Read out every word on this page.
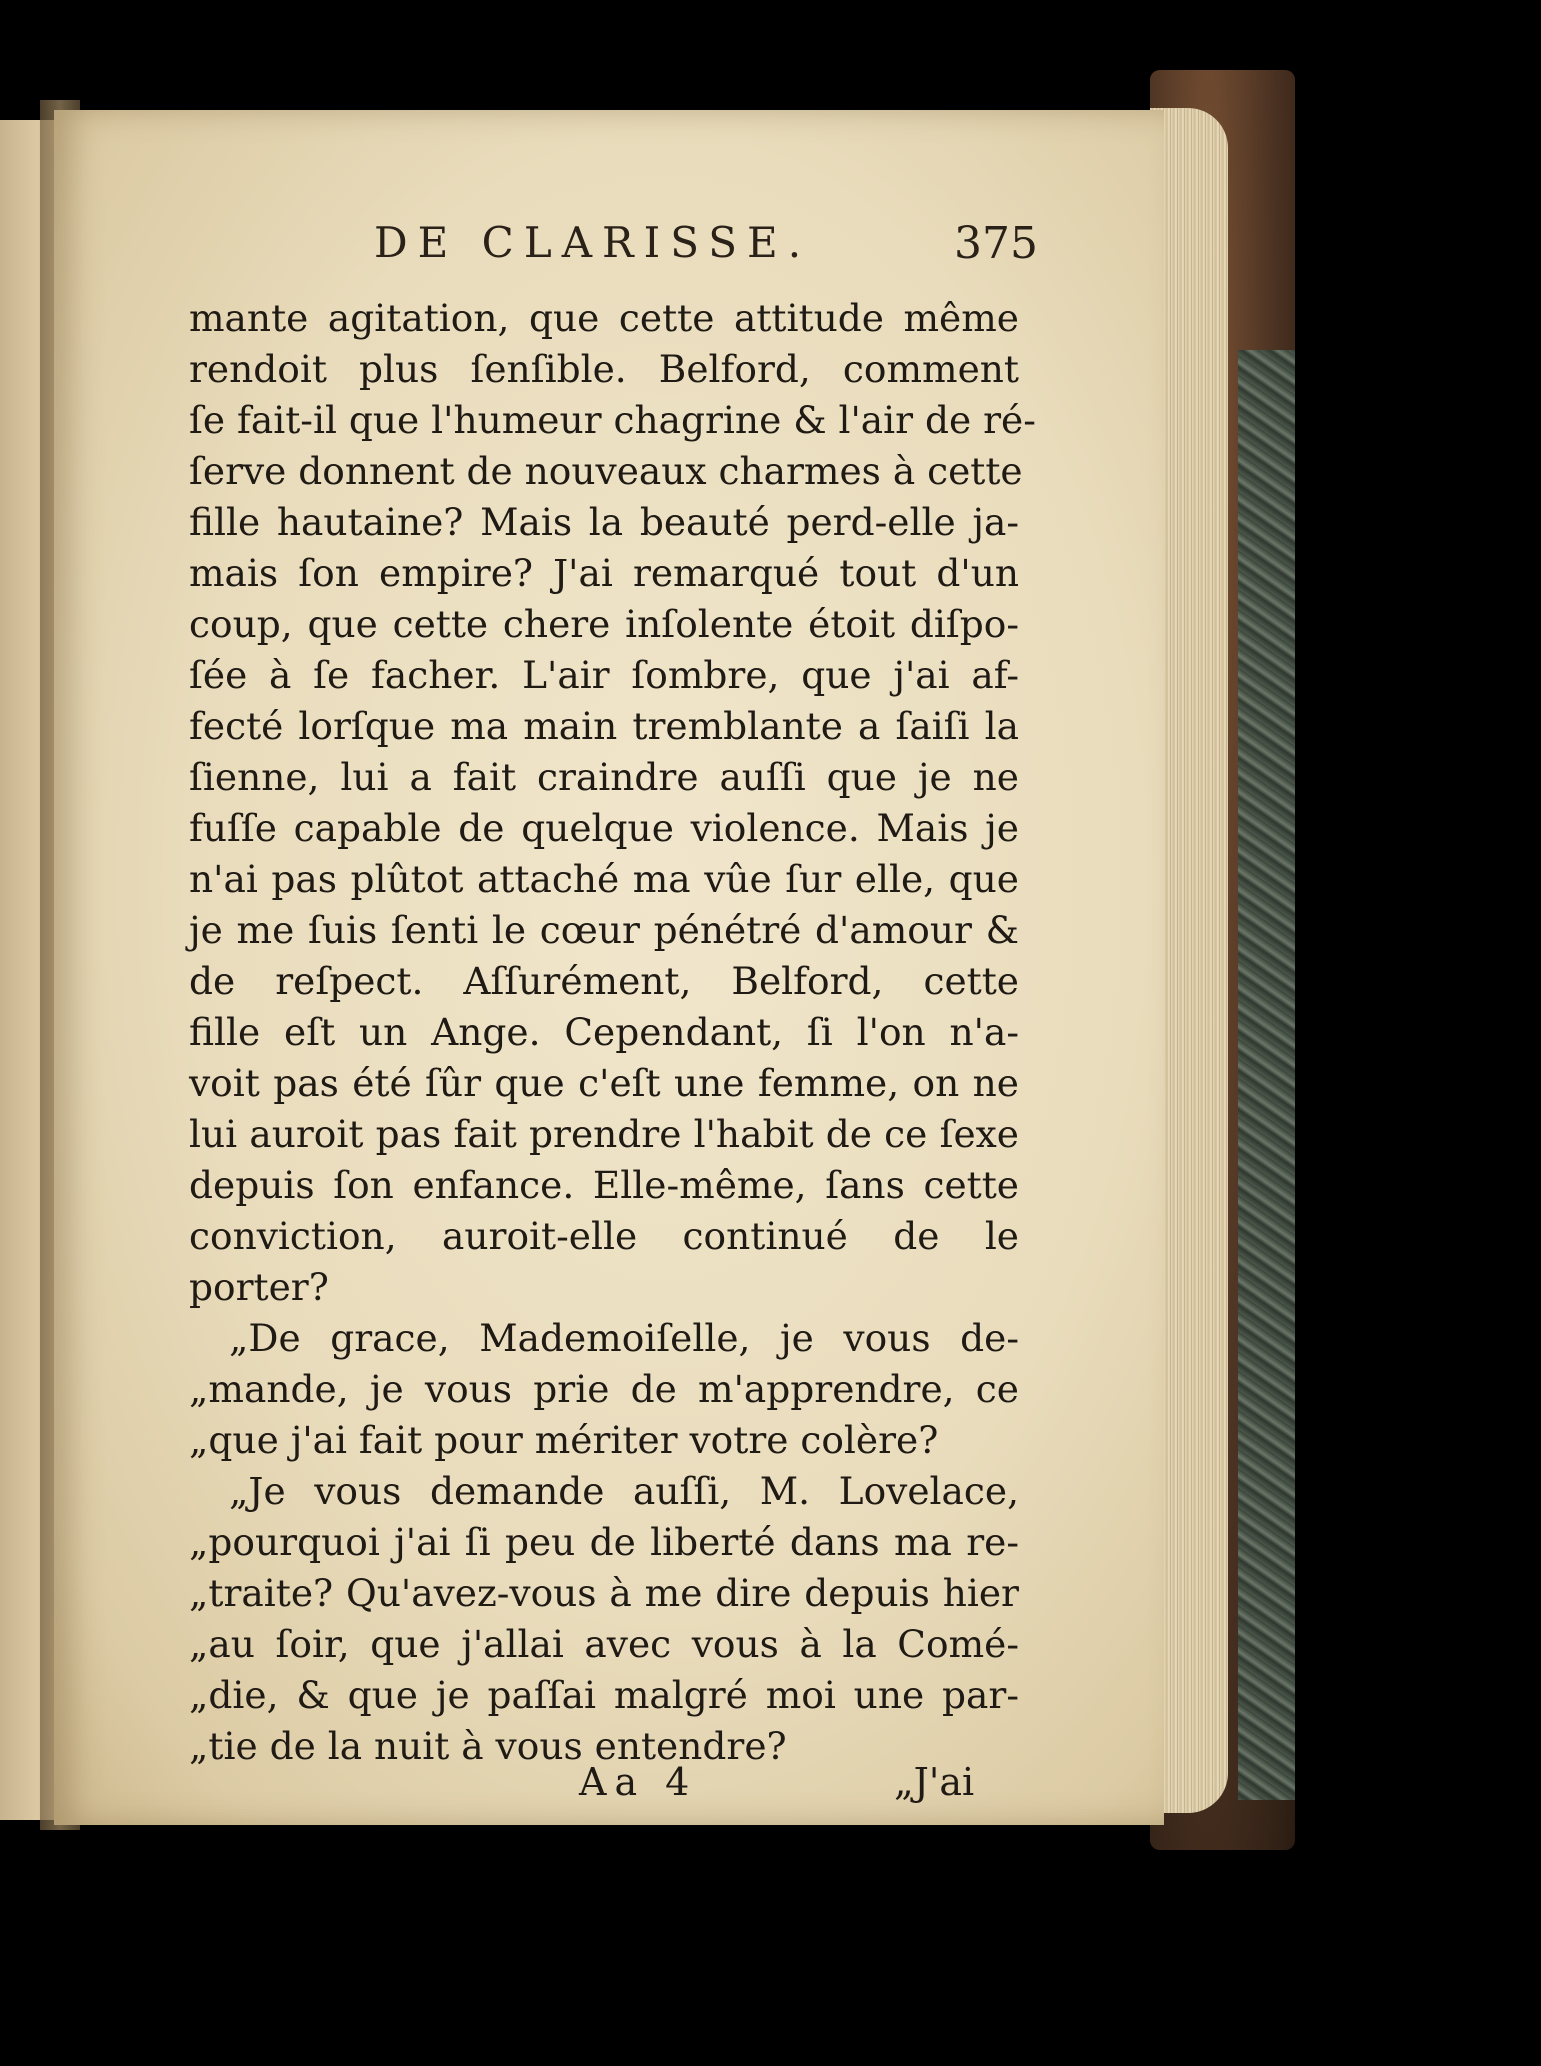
DE CLARISSE.	375
mante agitation, que cette attitude même
rendoit plus ſenſible. Belford, comment
ſe fait-il que l'humeur chagrine & l'air de ré-
ſerve donnent de nouveaux charmes à cette
fille hautaine? Mais la beauté perd-elle ja-
mais ſon empire? J'ai remarqué tout d'un
coup, que cette chere inſolente étoit diſpo-
ſée à ſe facher. L'air ſombre, que j'ai af-
fecté lorſque ma main tremblante a ſaiſi la
ſienne, lui a fait craindre auſſi que je ne
fuſſe capable de quelque violence. Mais je
n'ai pas plûtot attaché ma vûe ſur elle, que
je me ſuis ſenti le cœur pénétré d'amour &
de reſpect. Aſſurément, Belford, cette
fille eſt un Ange. Cependant, ſi l'on n'a-
voit pas été ſûr que c'eſt une femme, on ne
lui auroit pas fait prendre l'habit de ce ſexe
depuis ſon enfance. Elle-même, ſans cette
conviction, auroit-elle continué de le
porter?
„De grace, Mademoiſelle, je vous de-
„mande, je vous prie de m'apprendre, ce
„que j'ai fait pour mériter votre colère?
„Je vous demande auſſi, M. Lovelace,
„pourquoi j'ai ſi peu de liberté dans ma re-
„traite? Qu'avez-vous à me dire depuis hier
„au ſoir, que j'allai avec vous à la Comé-
„die, & que je paſſai malgré moi une par-
„tie de la nuit à vous entendre?
Aa 4	„J'ai
